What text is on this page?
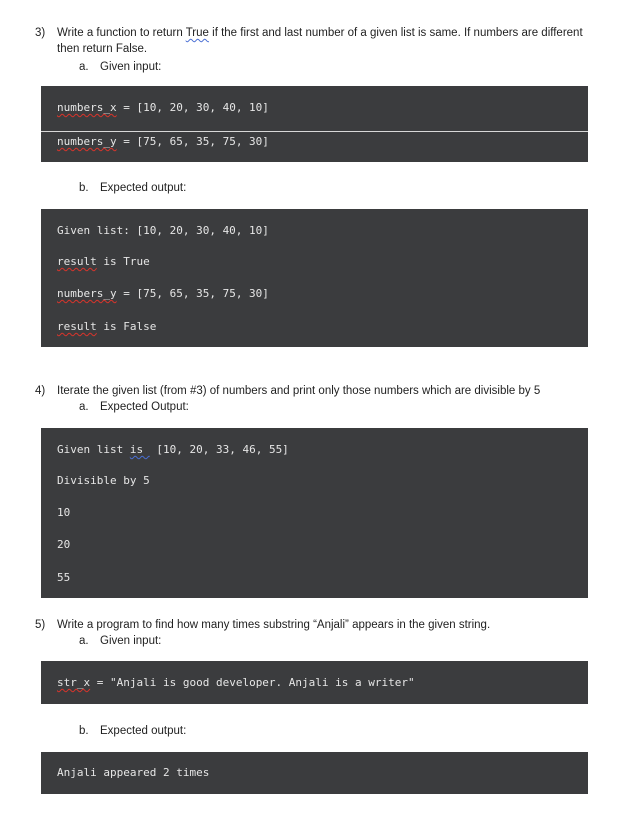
3) Write a function to return True if the first and last number of a given list is same. If numbers are different then return False.
a. Given input:
numbers_x = [10, 20, 30, 40, 10]
numbers_y = [75, 65, 35, 75, 30]
b. Expected output:
Given list: [10, 20, 30, 40, 10]
result is True
numbers_y = [75, 65, 35, 75, 30]
result is False
4) Iterate the given list (from #3) of numbers and print only those numbers which are divisible by 5
a. Expected Output:
Given list is  [10, 20, 33, 46, 55]
Divisible by 5
10
20
55
5) Write a program to find how many times substring “Anjali” appears in the given string.
a. Given input:
str_x = "Anjali is good developer. Anjali is a writer"
b. Expected output:
Anjali appeared 2 times
